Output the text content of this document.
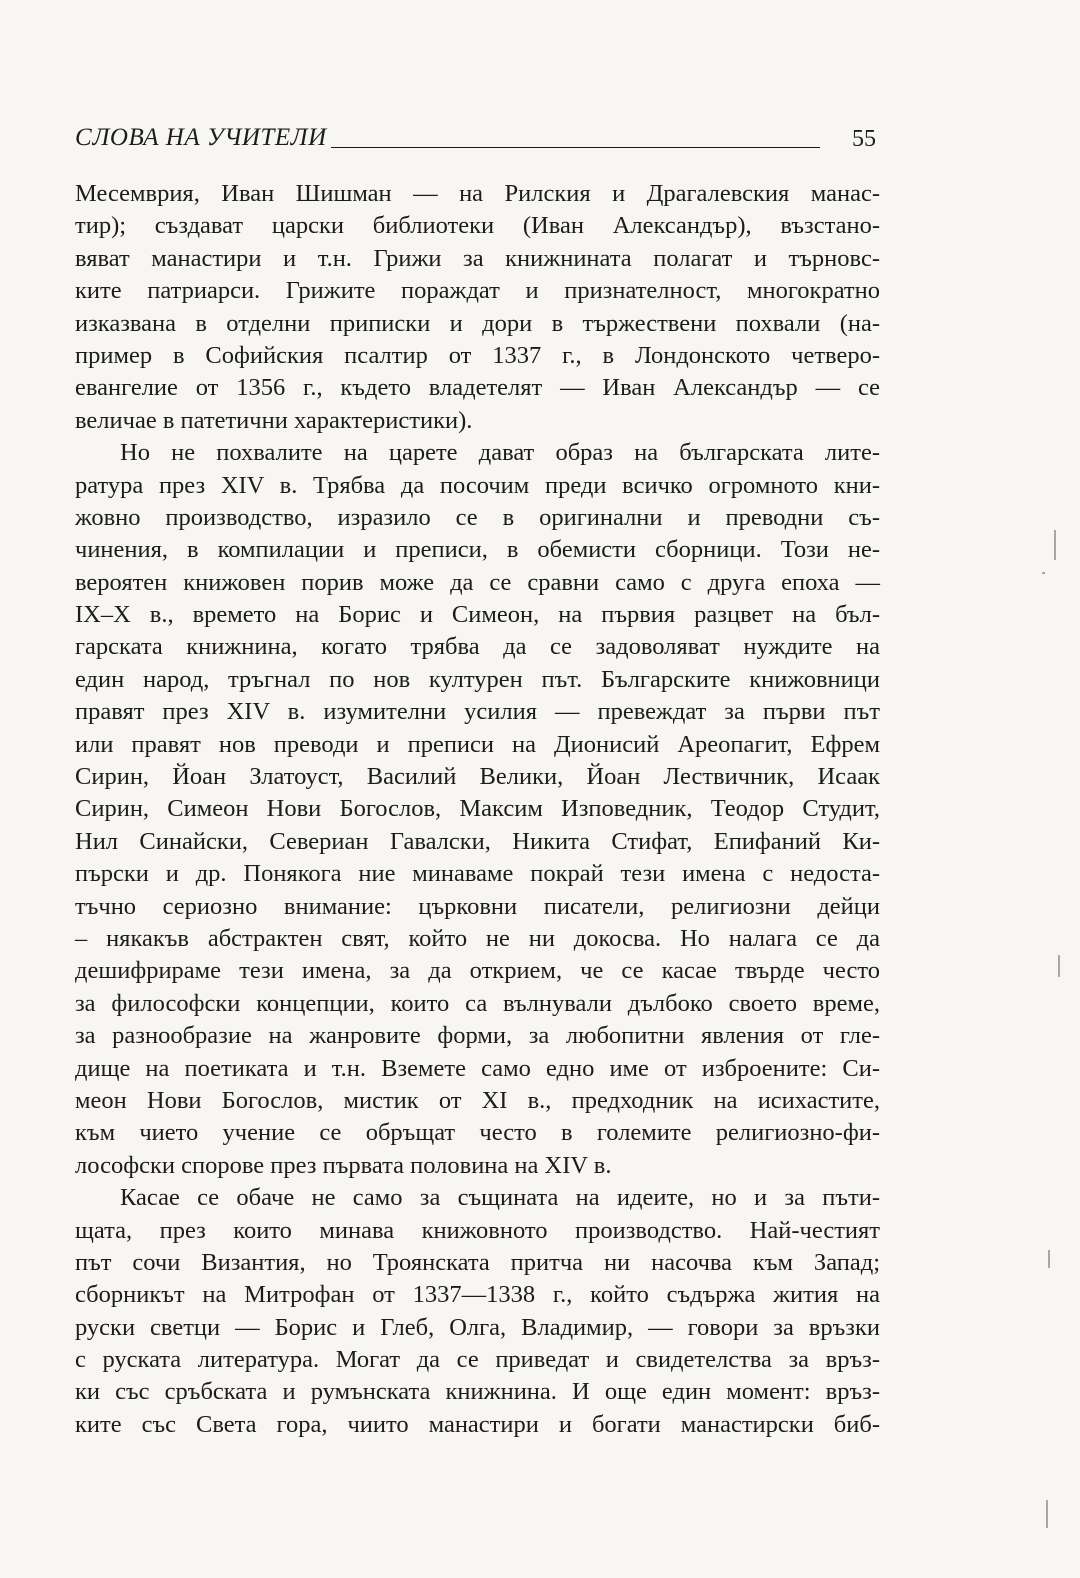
СЛОВА НА УЧИТЕЛИ	55
Месемврия, Иван Шишман — на Рилския и Драгалевския манас-
тир); създават царски библиотеки (Иван Александър), възстано-
вяват манастири и т.н. Грижи за книжнината полагат и търновс-
ките патриарси. Грижите пораждат и признателност, многократно
изказвана в отделни приписки и дори в тържествени похвали (на-
пример в Софийския псалтир от 1337 г., в Лондонското четверо-
евангелие от 1356 г., където владетелят — Иван Александър — се
величае в патетични характеристики).
Но не похвалите на царете дават образ на българската лите-
ратура през XIV в. Трябва да посочим преди всичко огромното кни-
жовно производство, изразило се в оригинални и преводни съ-
чинения, в компилации и преписи, в обемисти сборници. Този не-
вероятен книжовен порив може да се сравни само с друга епоха —
IX–X в., времето на Борис и Симеон, на първия разцвет на бъл-
гарската книжнина, когато трябва да се задоволяват нуждите на
един народ, тръгнал по нов културен път. Българските книжовници
правят през XIV в. изумителни усилия — превеждат за първи път
или правят нов преводи и преписи на Дионисий Ареопагит, Ефрем
Сирин, Йоан Златоуст, Василий Велики, Йоан Лествичник, Исаак
Сирин, Симеон Нови Богослов, Максим Изповедник, Теодор Студит,
Нил Синайски, Севериан Гавалски, Никита Стифат, Епифаний Ки-
пърски и др. Понякога ние минаваме покрай тези имена с недоста-
тъчно сериозно внимание: църковни писатели, религиозни дейци
– някакъв абстрактен свят, който не ни докосва. Но налага се да
дешифрираме тези имена, за да открием, че се касае твърде често
за философски концепции, които са вълнували дълбоко своето време,
за разнообразие на жанровите форми, за любопитни явления от гле-
дище на поетиката и т.н. Вземете само едно име от изброените: Си-
меон Нови Богослов, мистик от XI в., предходник на исихастите,
към чието учение се обръщат често в големите религиозно-фи-
лософски спорове през първата половина на XIV в.
Касае се обаче не само за същината на идеите, но и за пъти-
щата, през които минава книжовното производство. Най-честият
път сочи Византия, но Троянската притча ни насочва към Запад;
сборникът на Митрофан от 1337—1338 г., който съдържа жития на
руски светци — Борис и Глеб, Олга, Владимир, — говори за връзки
с руската литература. Могат да се приведат и свидетелства за връз-
ки със сръбската и румънската книжнина. И още един момент: връз-
ките със Света гора, чиито манастири и богати манастирски биб-
